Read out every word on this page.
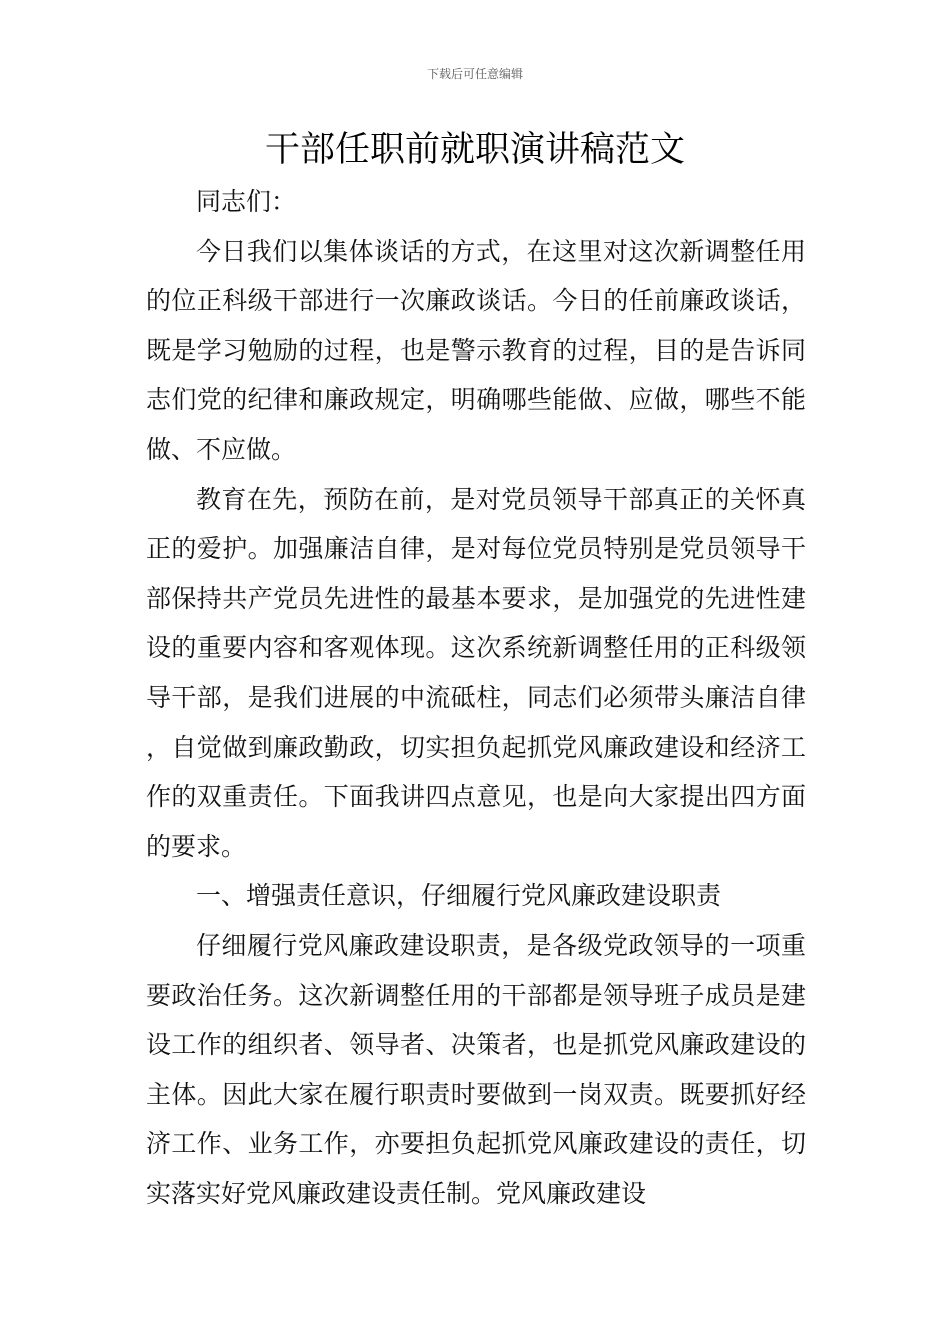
下载后可任意编辑
干部任职前就职演讲稿范文

同志们：

今日我们以集体谈话的方式，在这里对这次新调整任用的位正科级干部进行一次廉政谈话。今日的任前廉政谈话，既是学习勉励的过程，也是警示教育的过程，目的是告诉同志们党的纪律和廉政规定，明确哪些能做、应做，哪些不能做、不应做。

教育在先，预防在前，是对党员领导干部真正的关怀真正的爱护。加强廉洁自律，是对每位党员特别是党员领导干部保持共产党员先进性的最基本要求，是加强党的先进性建设的重要内容和客观体现。这次系统新调整任用的正科级领导干部，是我们进展的中流砥柱，同志们必须带头廉洁自律，自觉做到廉政勤政，切实担负起抓党风廉政建设和经济工作的双重责任。下面我讲四点意见，也是向大家提出四方面的要求。

一、增强责任意识，仔细履行党风廉政建设职责

仔细履行党风廉政建设职责，是各级党政领导的一项重要政治任务。这次新调整任用的干部都是领导班子成员是建设工作的组织者、领导者、决策者，也是抓党风廉政建设的主体。因此大家在履行职责时要做到一岗双责。既要抓好经济工作、业务工作，亦要担负起抓党风廉政建设的责任，切实落实好党风廉政建设责任制。党风廉政建设
